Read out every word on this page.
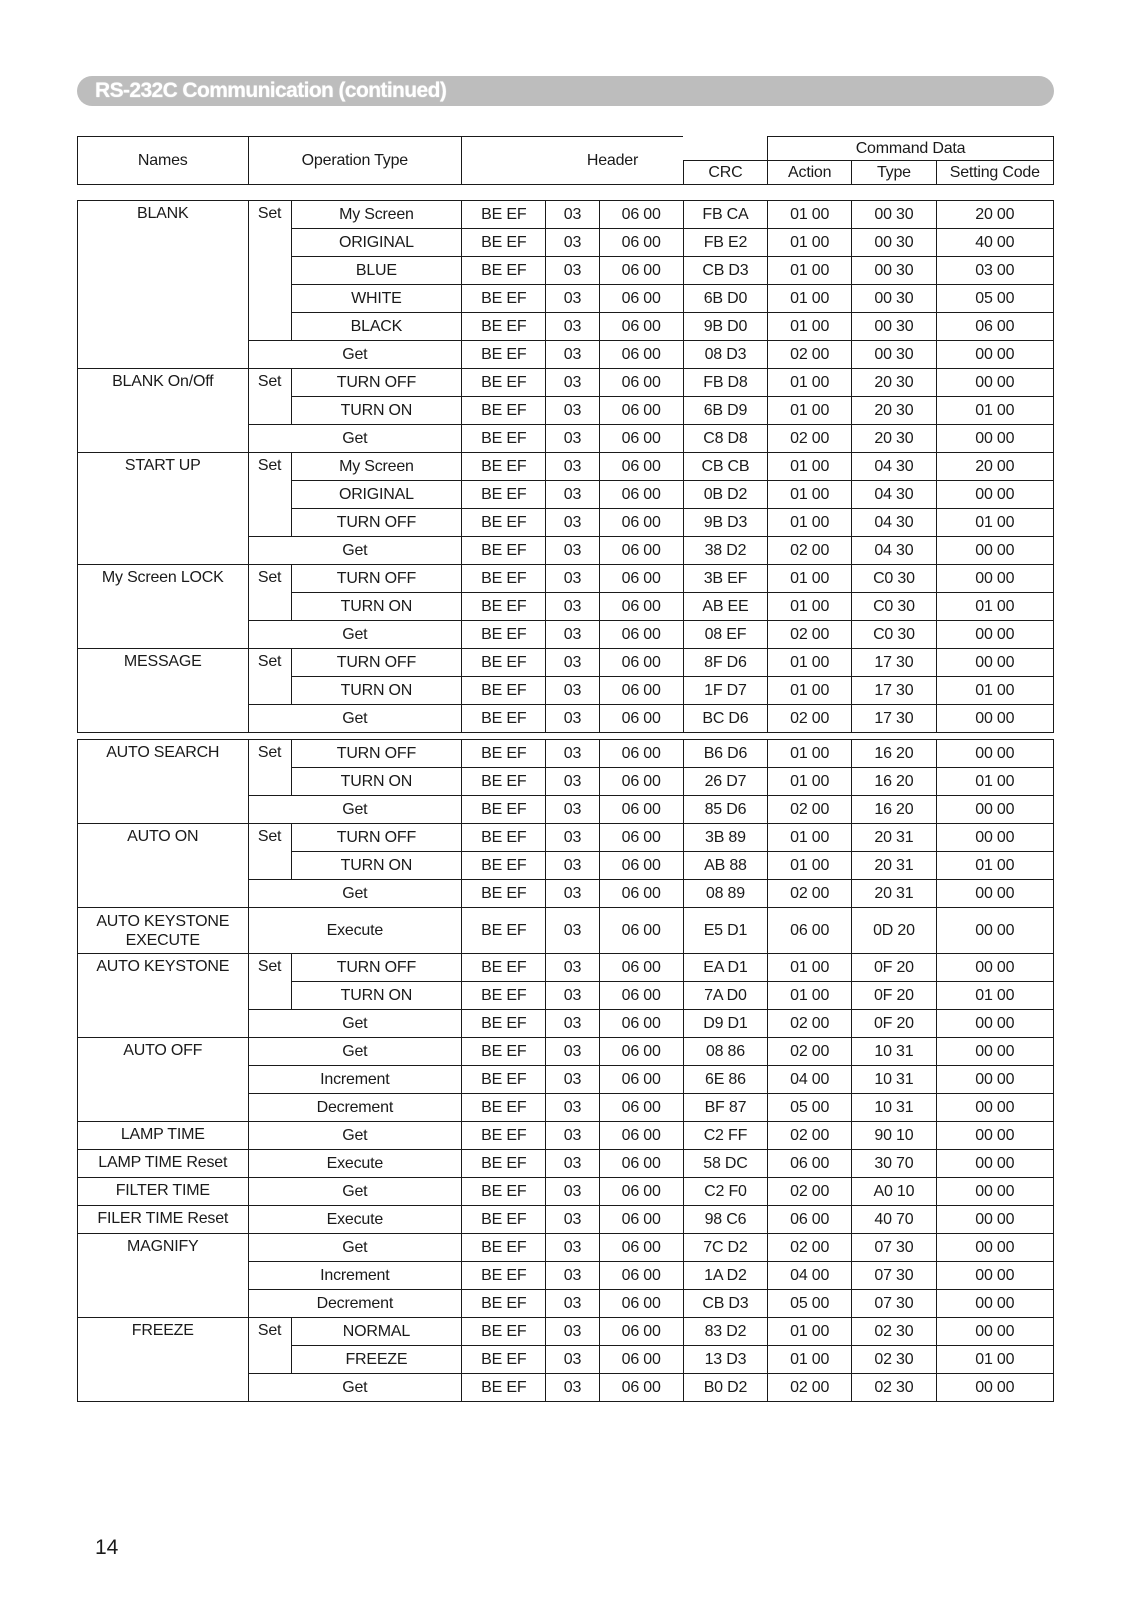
RS-232C Communication (continued)
Names	Operation Type	Header		Command Data		
			CRC	Action	Type	Setting Code
BLANK	Set	My Screen	BE EF	03	06 00	FB CA	01 00	00 30	20 00
		ORIGINAL	BE EF	03	06 00	FB E2	01 00	00 30	40 00
		BLUE	BE EF	03	06 00	CB D3	01 00	00 30	03 00
		WHITE	BE EF	03	06 00	6B D0	01 00	00 30	05 00
		BLACK	BE EF	03	06 00	9B D0	01 00	00 30	06 00
	Get		BE EF	03	06 00	08 D3	02 00	00 30	00 00
BLANK On/Off	Set	TURN OFF	BE EF	03	06 00	FB D8	01 00	20 30	00 00
		TURN ON	BE EF	03	06 00	6B D9	01 00	20 30	01 00
	Get		BE EF	03	06 00	C8 D8	02 00	20 30	00 00
START UP	Set	My Screen	BE EF	03	06 00	CB CB	01 00	04 30	20 00
		ORIGINAL	BE EF	03	06 00	0B D2	01 00	04 30	00 00
		TURN OFF	BE EF	03	06 00	9B D3	01 00	04 30	01 00
	Get		BE EF	03	06 00	38 D2	02 00	04 30	00 00
My Screen LOCK	Set	TURN OFF	BE EF	03	06 00	3B EF	01 00	C0 30	00 00
		TURN ON	BE EF	03	06 00	AB EE	01 00	C0 30	01 00
	Get		BE EF	03	06 00	08 EF	02 00	C0 30	00 00
MESSAGE	Set	TURN OFF	BE EF	03	06 00	8F D6	01 00	17 30	00 00
		TURN ON	BE EF	03	06 00	1F D7	01 00	17 30	01 00
	Get		BE EF	03	06 00	BC D6	02 00	17 30	00 00
AUTO SEARCH	Set	TURN OFF	BE EF	03	06 00	B6 D6	01 00	16 20	00 00
		TURN ON	BE EF	03	06 00	26 D7	01 00	16 20	01 00
	Get		BE EF	03	06 00	85 D6	02 00	16 20	00 00
AUTO ON	Set	TURN OFF	BE EF	03	06 00	3B 89	01 00	20 31	00 00
		TURN ON	BE EF	03	06 00	AB 88	01 00	20 31	01 00
	Get		BE EF	03	06 00	08 89	02 00	20 31	00 00
AUTO KEYSTONE EXECUTE	Execute		BE EF	03	06 00	E5 D1	06 00	0D 20	00 00
AUTO KEYSTONE	Set	TURN OFF	BE EF	03	06 00	EA D1	01 00	0F 20	00 00
		TURN ON	BE EF	03	06 00	7A D0	01 00	0F 20	01 00
	Get		BE EF	03	06 00	D9 D1	02 00	0F 20	00 00
AUTO OFF	Get		BE EF	03	06 00	08 86	02 00	10 31	00 00
	Increment		BE EF	03	06 00	6E 86	04 00	10 31	00 00
	Decrement		BE EF	03	06 00	BF 87	05 00	10 31	00 00
LAMP TIME	Get		BE EF	03	06 00	C2 FF	02 00	90 10	00 00
LAMP TIME Reset	Execute		BE EF	03	06 00	58 DC	06 00	30 70	00 00
FILTER TIME	Get		BE EF	03	06 00	C2 F0	02 00	A0 10	00 00
FILER TIME Reset	Execute		BE EF	03	06 00	98 C6	06 00	40 70	00 00
MAGNIFY	Get		BE EF	03	06 00	7C D2	02 00	07 30	00 00
	Increment		BE EF	03	06 00	1A D2	04 00	07 30	00 00
	Decrement		BE EF	03	06 00	CB D3	05 00	07 30	00 00
FREEZE	Set	NORMAL	BE EF	03	06 00	83 D2	01 00	02 30	00 00
		FREEZE	BE EF	03	06 00	13 D3	01 00	02 30	01 00
	Get		BE EF	03	06 00	B0 D2	02 00	02 30	00 00
14
